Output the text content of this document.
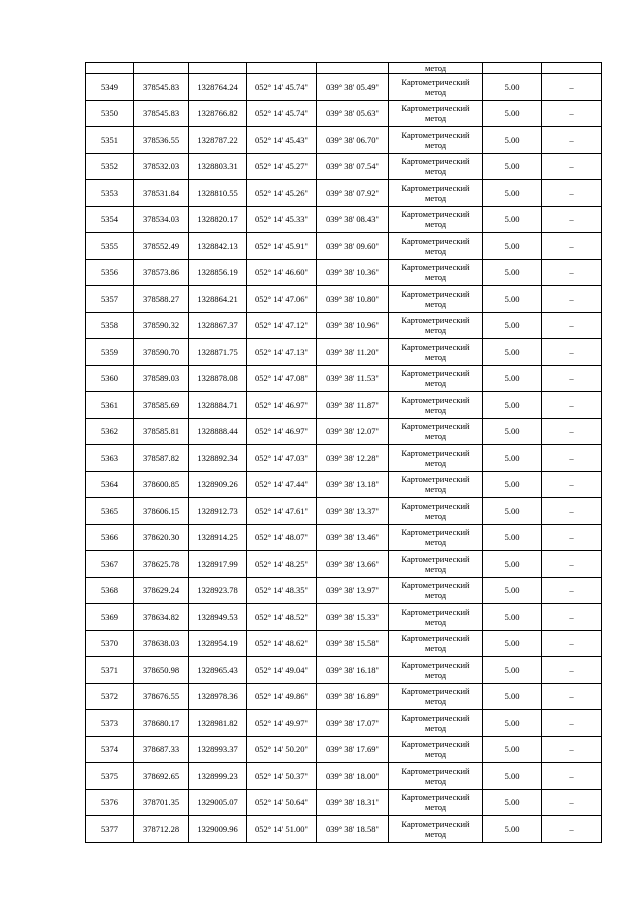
					метод		
5349	378545.83	1328764.24	052° 14' 45.74"	039° 38' 05.49"	Картометрический
метод	5.00	–
5350	378545.83	1328766.82	052° 14' 45.74"	039° 38' 05.63"	Картометрический
метод	5.00	–
5351	378536.55	1328787.22	052° 14' 45.43"	039° 38' 06.70"	Картометрический
метод	5.00	–
5352	378532.03	1328803.31	052° 14' 45.27"	039° 38' 07.54"	Картометрический
метод	5.00	–
5353	378531.84	1328810.55	052° 14' 45.26"	039° 38' 07.92"	Картометрический
метод	5.00	–
5354	378534.03	1328820.17	052° 14' 45.33"	039° 38' 08.43"	Картометрический
метод	5.00	–
5355	378552.49	1328842.13	052° 14' 45.91"	039° 38' 09.60"	Картометрический
метод	5.00	–
5356	378573.86	1328856.19	052° 14' 46.60"	039° 38' 10.36"	Картометрический
метод	5.00	–
5357	378588.27	1328864.21	052° 14' 47.06"	039° 38' 10.80"	Картометрический
метод	5.00	–
5358	378590.32	1328867.37	052° 14' 47.12"	039° 38' 10.96"	Картометрический
метод	5.00	–
5359	378590.70	1328871.75	052° 14' 47.13"	039° 38' 11.20"	Картометрический
метод	5.00	–
5360	378589.03	1328878.08	052° 14' 47.08"	039° 38' 11.53"	Картометрический
метод	5.00	–
5361	378585.69	1328884.71	052° 14' 46.97"	039° 38' 11.87"	Картометрический
метод	5.00	–
5362	378585.81	1328888.44	052° 14' 46.97"	039° 38' 12.07"	Картометрический
метод	5.00	–
5363	378587.82	1328892.34	052° 14' 47.03"	039° 38' 12.28"	Картометрический
метод	5.00	–
5364	378600.85	1328909.26	052° 14' 47.44"	039° 38' 13.18"	Картометрический
метод	5.00	–
5365	378606.15	1328912.73	052° 14' 47.61"	039° 38' 13.37"	Картометрический
метод	5.00	–
5366	378620.30	1328914.25	052° 14' 48.07"	039° 38' 13.46"	Картометрический
метод	5.00	–
5367	378625.78	1328917.99	052° 14' 48.25"	039° 38' 13.66"	Картометрический
метод	5.00	–
5368	378629.24	1328923.78	052° 14' 48.35"	039° 38' 13.97"	Картометрический
метод	5.00	–
5369	378634.82	1328949.53	052° 14' 48.52"	039° 38' 15.33"	Картометрический
метод	5.00	–
5370	378638.03	1328954.19	052° 14' 48.62"	039° 38' 15.58"	Картометрический
метод	5.00	–
5371	378650.98	1328965.43	052° 14' 49.04"	039° 38' 16.18"	Картометрический
метод	5.00	–
5372	378676.55	1328978.36	052° 14' 49.86"	039° 38' 16.89"	Картометрический
метод	5.00	–
5373	378680.17	1328981.82	052° 14' 49.97"	039° 38' 17.07"	Картометрический
метод	5.00	–
5374	378687.33	1328993.37	052° 14' 50.20"	039° 38' 17.69"	Картометрический
метод	5.00	–
5375	378692.65	1328999.23	052° 14' 50.37"	039° 38' 18.00"	Картометрический
метод	5.00	–
5376	378701.35	1329005.07	052° 14' 50.64"	039° 38' 18.31"	Картометрический
метод	5.00	–
5377	378712.28	1329009.96	052° 14' 51.00"	039° 38' 18.58"	Картометрический
метод	5.00	–
